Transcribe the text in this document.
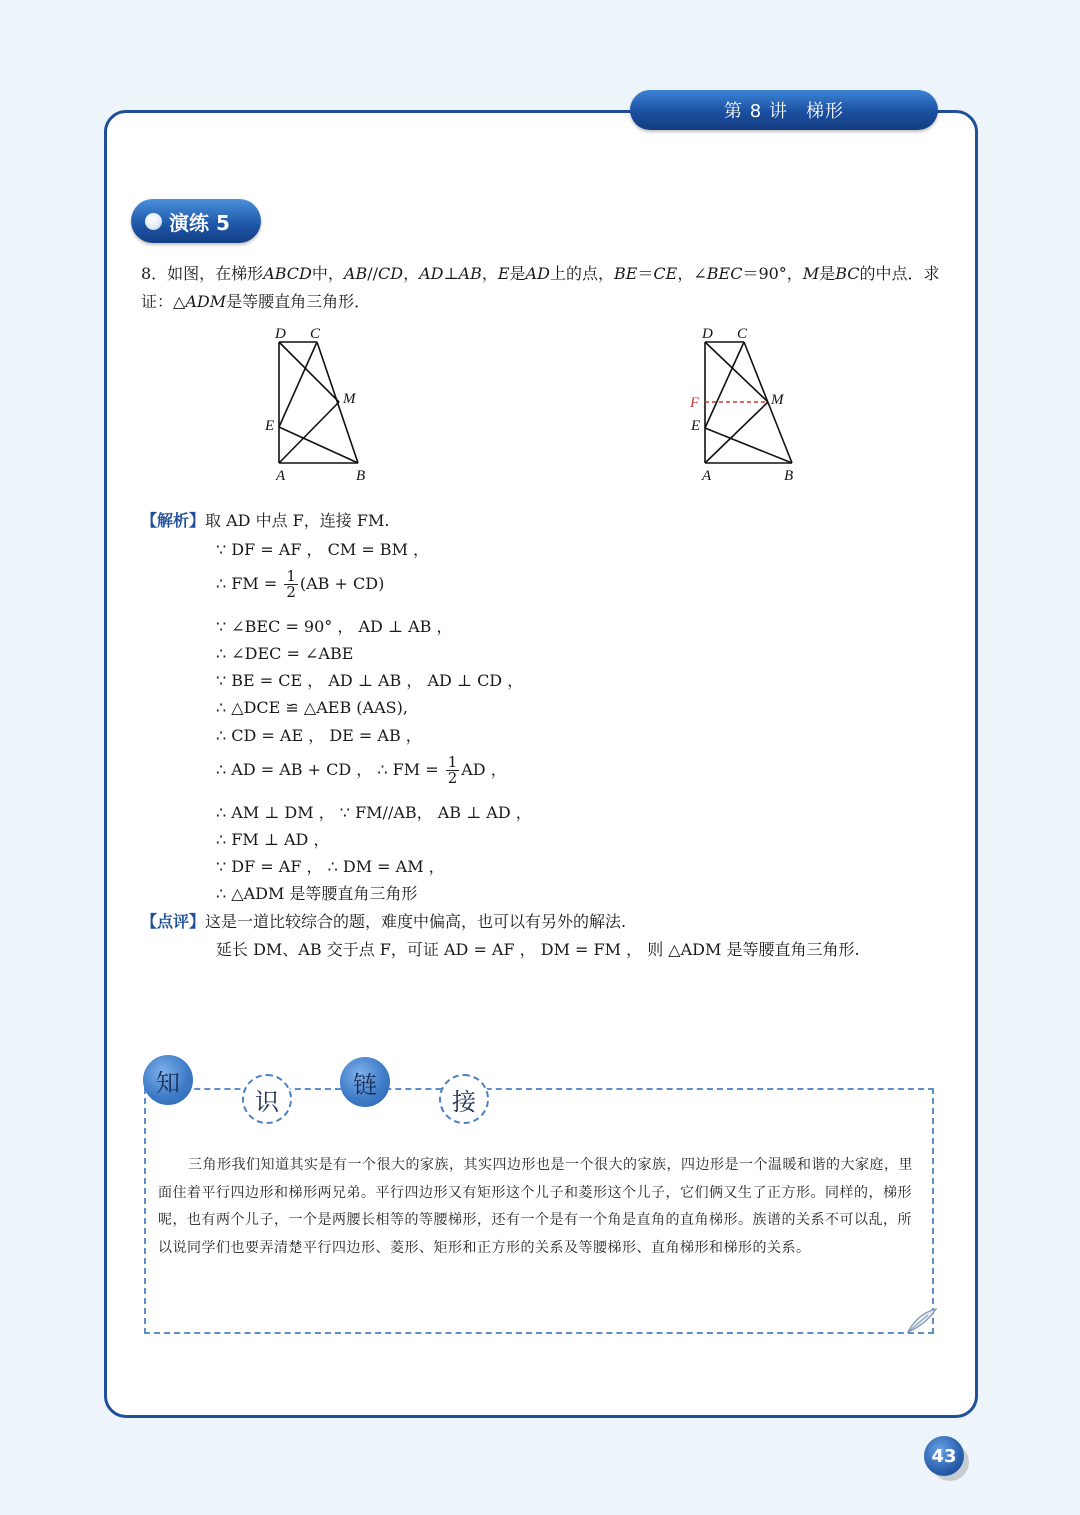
第 8 讲 梯形
演练 5
8．如图，在梯形ABCD中，AB//CD，AD⊥AB，E是AD上的点，BE＝CE，∠BEC＝90°，M是BC的中点．求证：△ADM是等腰直角三角形．
D C
M
E
A	B
D C
F	M
E
A	B
【解析】取 AD 中点 F，连接 FM.
∵ DF = AF ， CM = BM ，
∴ FM = $\frac{1}{2} (AB + CD)$
∵ ∠BEC = 90° ， AD ⊥ AB ，
∴ ∠DEC = ∠ABE
∵ BE = CE ， AD ⊥ AB ， AD ⊥ CD ，
∴ △DCE ≌ △AEB (AAS),
∴ CD = AE ， DE = AB ，
∴ AD = AB + CD ， ∴ FM = $\frac{1}{2}$ AD ，
∴ AM ⊥ DM ， ∵ FM//AB， AB ⊥ AD ，
∴ FM ⊥ AD ，
∵ DF = AF ， ∴ DM = AM ，
∴ △ADM 是等腰直角三角形
【点评】这是一道比较综合的题，难度中偏高，也可以有另外的解法.
延长 DM、AB 交于点 F，可证 AD = AF ， DM = FM ， 则 △ADM 是等腰直角三角形.
知
识
链
接
三角形我们知道其实是有一个很大的家族，其实四边形也是一个很大的家族，四边形是一个温暖和谐的大家庭，里面住着平行四边形和梯形两兄弟。平行四边形又有矩形这个儿子和菱形这个儿子，它们俩又生了正方形。同样的，梯形呢，也有两个儿子，一个是两腰长相等的等腰梯形，还有一个是有一个角是直角的直角梯形。族谱的关系不可以乱，所以说同学们也要弄清楚平行四边形、菱形、矩形和正方形的关系及等腰梯形、直角梯形和梯形的关系。
43
